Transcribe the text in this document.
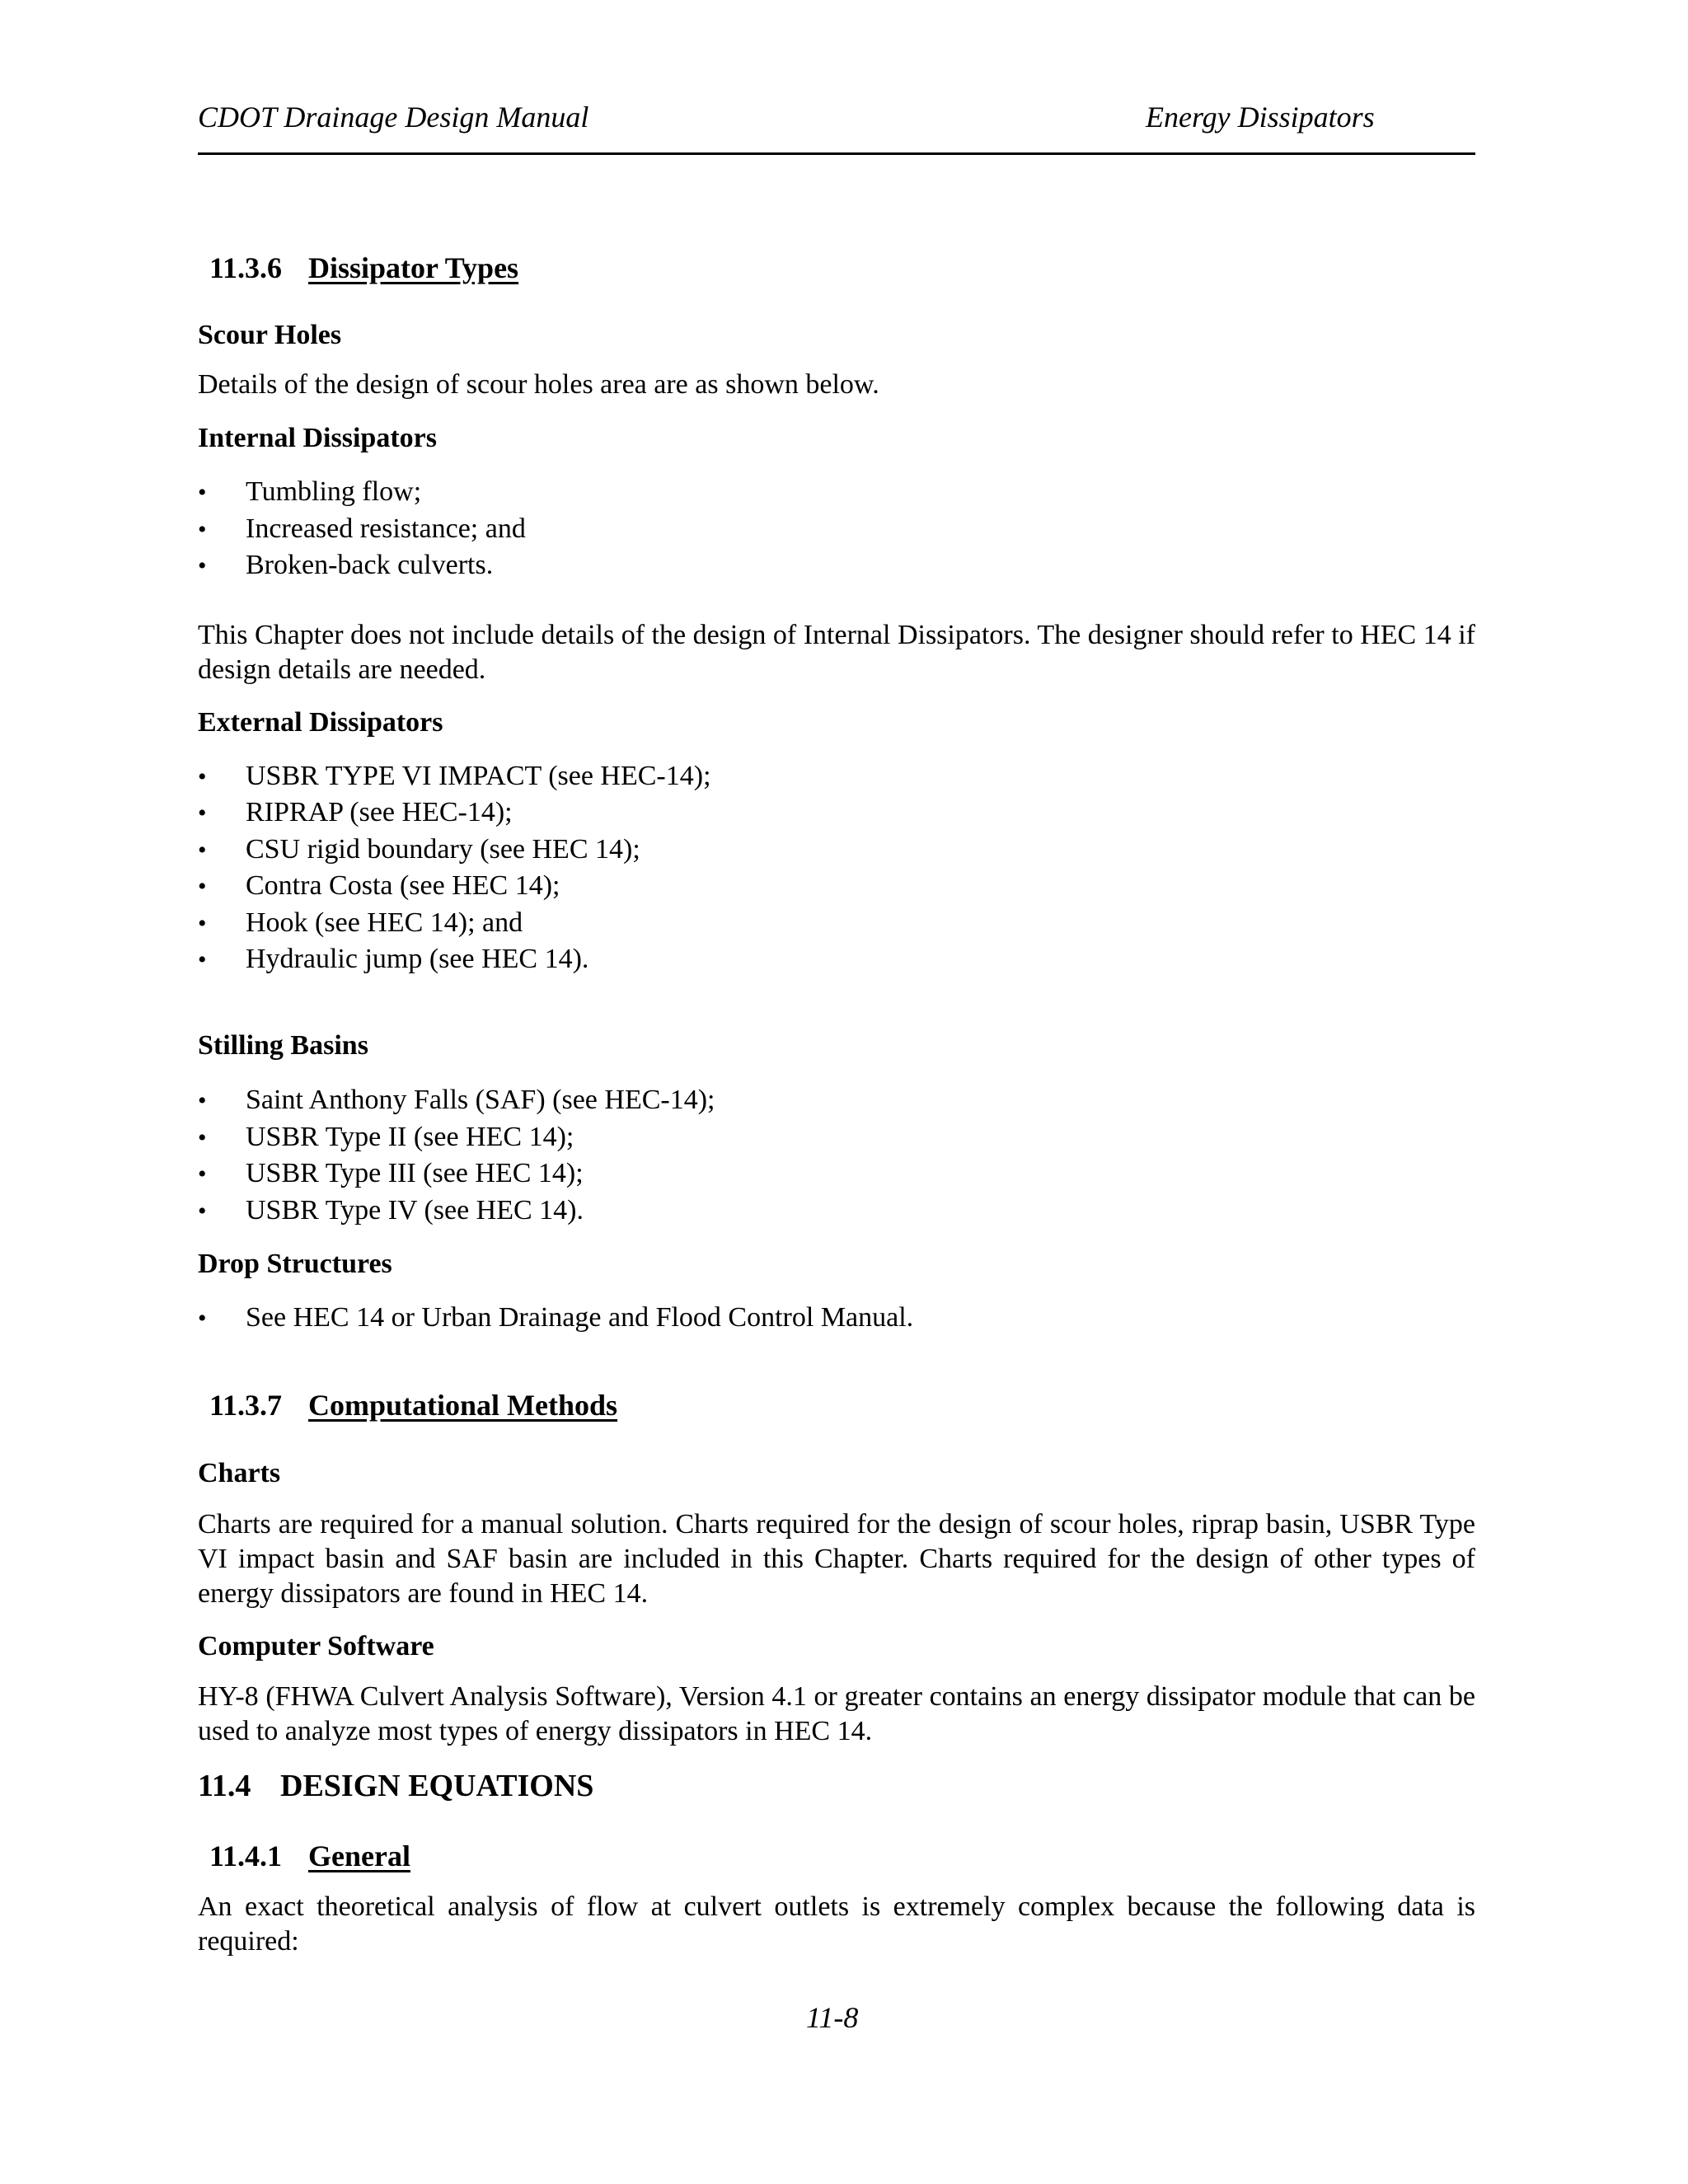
CDOT Drainage Design Manual	Energy Dissipators
11.3.6 Dissipator Types
Scour Holes
Details of the design of scour holes area are as shown below.
Internal Dissipators
• Tumbling flow;
• Increased resistance; and
• Broken-back culverts.
This Chapter does not include details of the design of Internal Dissipators. The designer should refer to HEC 14 if design details are needed.
External Dissipators
• USBR TYPE VI IMPACT (see HEC-14);
• RIPRAP (see HEC-14);
• CSU rigid boundary (see HEC 14);
• Contra Costa (see HEC 14);
• Hook (see HEC 14); and
• Hydraulic jump (see HEC 14).
Stilling Basins
• Saint Anthony Falls (SAF) (see HEC-14);
• USBR Type II (see HEC 14);
• USBR Type III (see HEC 14);
• USBR Type IV (see HEC 14).
Drop Structures
• See HEC 14 or Urban Drainage and Flood Control Manual.
11.3.7 Computational Methods
Charts
Charts are required for a manual solution. Charts required for the design of scour holes, riprap basin, USBR Type VI impact basin and SAF basin are included in this Chapter. Charts required for the design of other types of energy dissipators are found in HEC 14.
Computer Software
HY-8 (FHWA Culvert Analysis Software), Version 4.1 or greater contains an energy dissipator module that can be used to analyze most types of energy dissipators in HEC 14.
11.4 DESIGN EQUATIONS
11.4.1 General
An exact theoretical analysis of flow at culvert outlets is extremely complex because the following data is required:
11-8
